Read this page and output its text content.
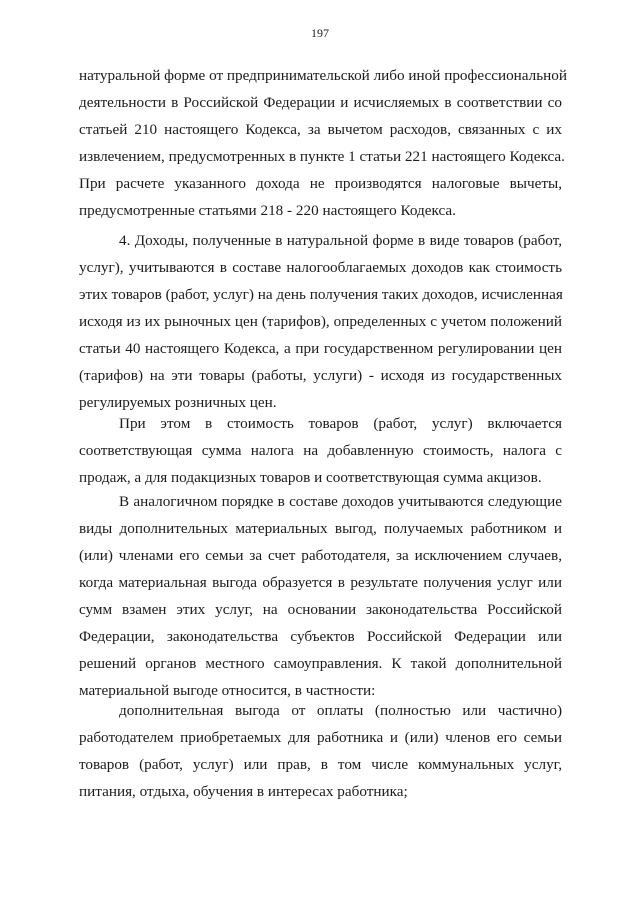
197
натуральной форме от предпринимательской либо иной профессиональной
деятельности в Российской Федерации и исчисляемых в соответствии со
статьей 210 настоящего Кодекса, за вычетом расходов, связанных с их
извлечением, предусмотренных в пункте 1 статьи 221 настоящего Кодекса.
При расчете указанного дохода не производятся налоговые вычеты,
предусмотренные статьями 218 - 220 настоящего Кодекса.
4. Доходы, полученные в натуральной форме в виде товаров (работ,
услуг), учитываются в составе налогооблагаемых доходов как стоимость
этих товаров (работ, услуг) на день получения таких доходов, исчисленная
исходя из их рыночных цен (тарифов), определенных с учетом положений
статьи 40 настоящего Кодекса, а при государственном регулировании цен
(тарифов) на эти товары (работы, услуги) - исходя из государственных
регулируемых розничных цен.
При этом в стоимость товаров (работ, услуг) включается
соответствующая сумма налога на добавленную стоимость, налога с
продаж, а для подакцизных товаров и соответствующая сумма акцизов.
В аналогичном порядке в составе доходов учитываются следующие
виды дополнительных материальных выгод, получаемых работником и
(или) членами его семьи за счет работодателя, за исключением случаев,
когда материальная выгода образуется в результате получения услуг или
сумм взамен этих услуг, на основании законодательства Российской
Федерации, законодательства субъектов Российской Федерации или
решений органов местного самоуправления. К такой дополнительной
материальной выгоде относится, в частности:
дополнительная выгода от оплаты (полностью или частично)
работодателем приобретаемых для работника и (или) членов его семьи
товаров (работ, услуг) или прав, в том числе коммунальных услуг,
питания, отдыха, обучения в интересах работника;
